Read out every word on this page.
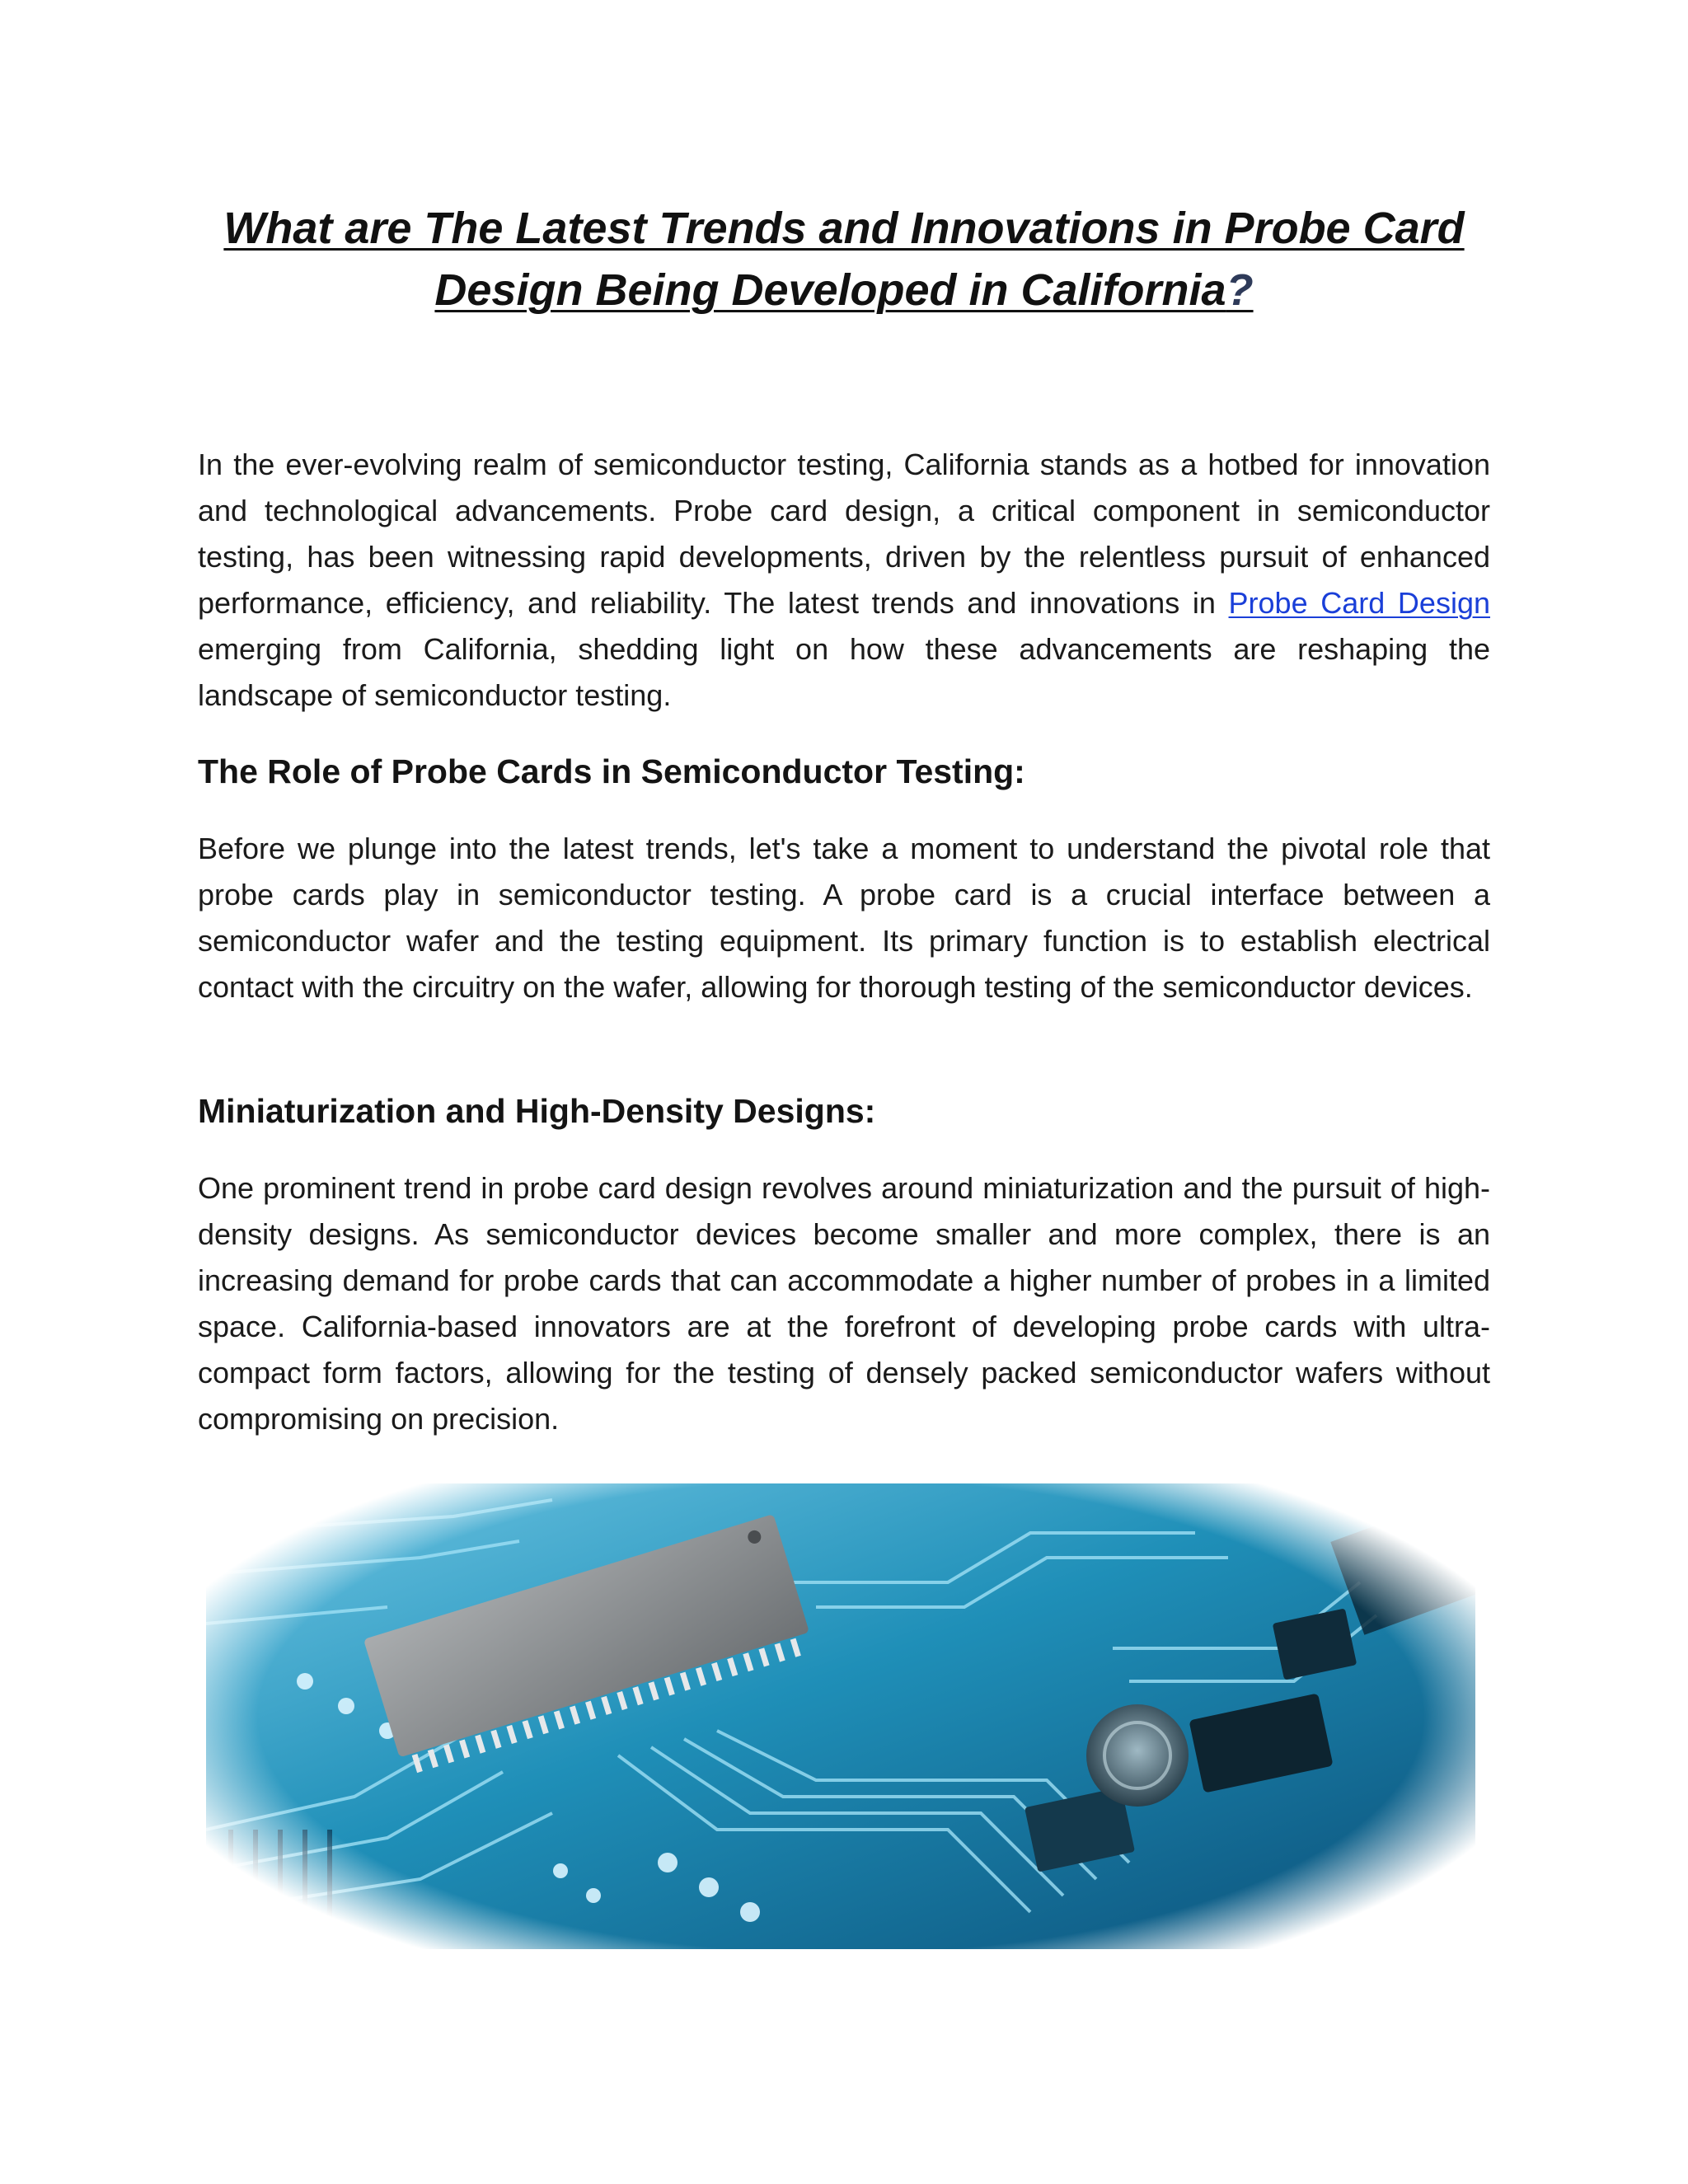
What are The Latest Trends and Innovations in Probe Card Design Being Developed in California?

In the ever-evolving realm of semiconductor testing, California stands as a hotbed for innovation and technological advancements. Probe card design, a critical component in semiconductor testing, has been witnessing rapid developments, driven by the relentless pursuit of enhanced performance, efficiency, and reliability. The latest trends and innovations in Probe Card Design emerging from California, shedding light on how these advancements are reshaping the landscape of semiconductor testing.

The Role of Probe Cards in Semiconductor Testing:

Before we plunge into the latest trends, let's take a moment to understand the pivotal role that probe cards play in semiconductor testing. A probe card is a crucial interface between a semiconductor wafer and the testing equipment. Its primary function is to establish electrical contact with the circuitry on the wafer, allowing for thorough testing of the semiconductor devices.

Miniaturization and High-Density Designs:

One prominent trend in probe card design revolves around miniaturization and the pursuit of high-density designs. As semiconductor devices become smaller and more complex, there is an increasing demand for probe cards that can accommodate a higher number of probes in a limited space. California-based innovators are at the forefront of developing probe cards with ultra-compact form factors, allowing for the testing of densely packed semiconductor wafers without compromising on precision.
